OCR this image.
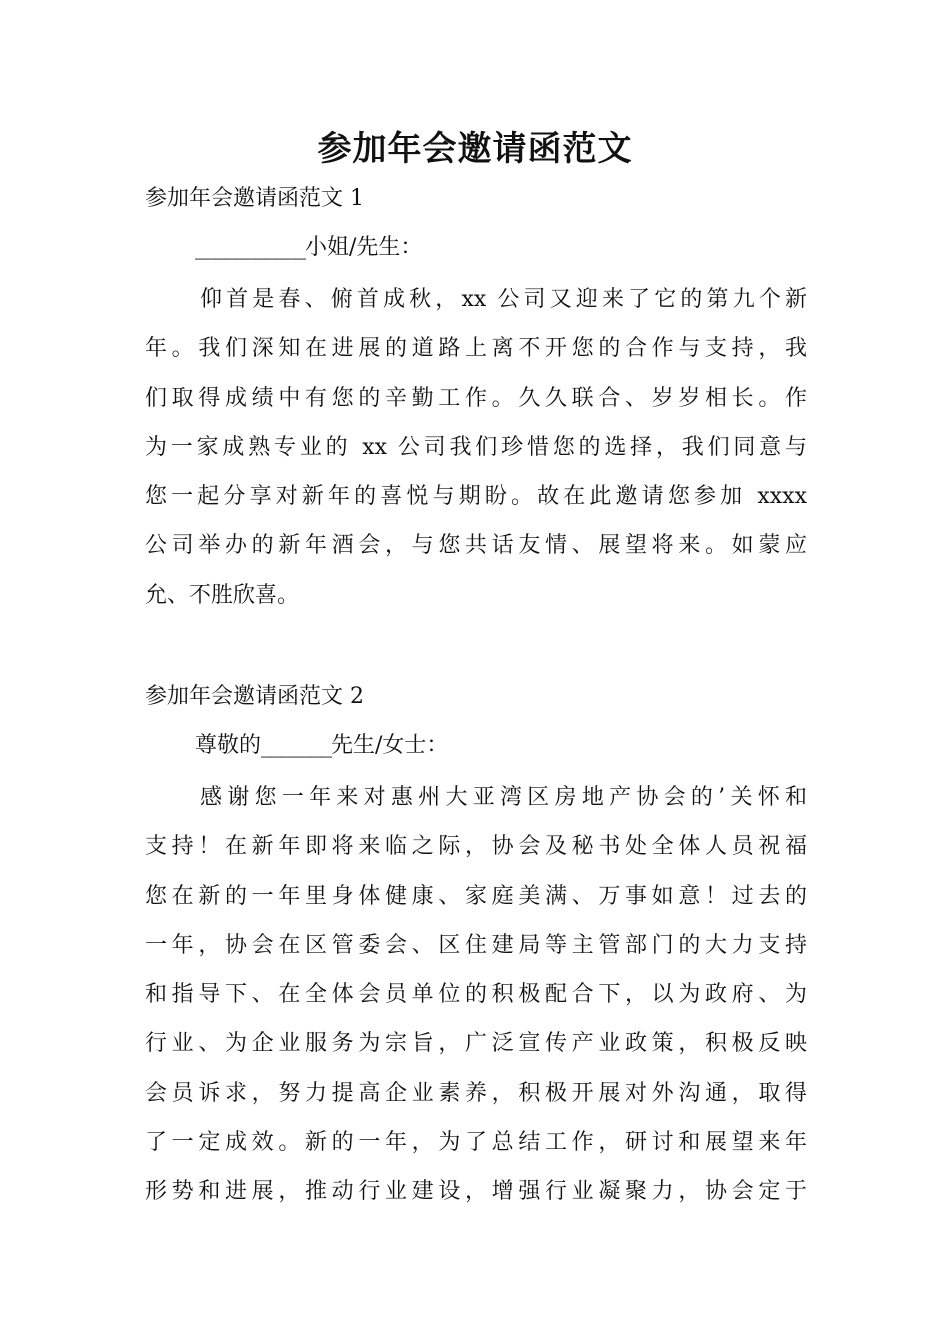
参加年会邀请函范文
参加年会邀请函范文 1
___________小姐/先生：
仰首是春、俯首成秋，xx 公司又迎来了它的第九个新
年。我们深知在进展的道路上离不开您的合作与支持，我
们取得成绩中有您的辛勤工作。久久联合、岁岁相长。作
为一家成熟专业的 xx 公司我们珍惜您的选择，我们同意与
您一起分享对新年的喜悦与期盼。故在此邀请您参加 xxxx
公司举办的新年酒会，与您共话友情、展望将来。如蒙应
允、不胜欣喜。
参加年会邀请函范文 2
尊敬的_______先生/女士：
感谢您一年来对惠州大亚湾区房地产协会的’关怀和
支持！在新年即将来临之际，协会及秘书处全体人员祝福
您在新的一年里身体健康、家庭美满、万事如意！过去的
一年，协会在区管委会、区住建局等主管部门的大力支持
和指导下、在全体会员单位的积极配合下，以为政府、为
行业、为企业服务为宗旨，广泛宣传产业政策，积极反映
会员诉求，努力提高企业素养，积极开展对外沟通，取得
了一定成效。新的一年，为了总结工作，研讨和展望来年
形势和进展，推动行业建设，增强行业凝聚力，协会定于
